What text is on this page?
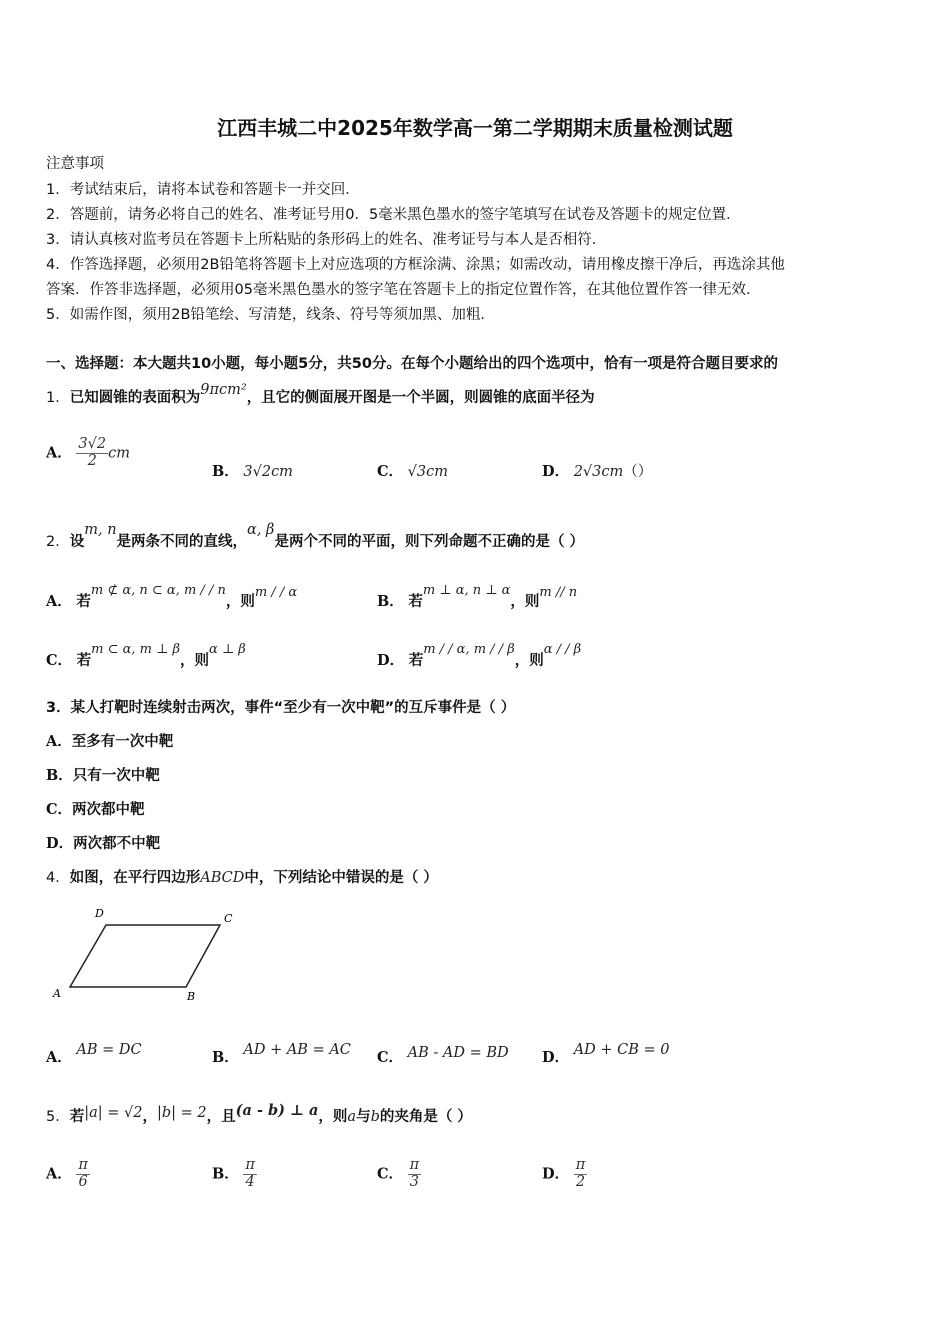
江西丰城二中2025年数学高一第二学期期末质量检测试题
注意事项
1．考试结束后，请将本试卷和答题卡一并交回．
2．答题前，请务必将自己的姓名、准考证号用0．5毫米黑色墨水的签字笔填写在试卷及答题卡的规定位置．
3．请认真核对监考员在答题卡上所粘贴的条形码上的姓名、准考证号与本人是否相符．
4．作答选择题，必须用2B铅笔将答题卡上对应选项的方框涂满、涂黑；如需改动，请用橡皮擦干净后，再选涂其他
答案．作答非选择题，必须用05毫米黑色墨水的签字笔在答题卡上的指定位置作答，在其他位置作答一律无效．
5．如需作图，须用2B铅笔绘、写清楚，线条、符号等须加黑、加粗．
一、选择题：本大题共10小题，每小题5分，共50分。在每个小题给出的四个选项中，恰有一项是符合题目要求的
1．已知圆锥的表面积为9πcm²，且它的侧面展开图是一个半圆，则圆锥的底面半径为
A． $\frac{3√2}{2}$ cm
B． 3√2cm	C． √3cm	D． 2√3cm（）
2．设m, n是两条不同的直线，α, β是两个不同的平面，则下列命题不正确的是（ ）
A． 若m ⊄ α, n ⊂ α, m / / n，则m / / α
B． 若m ⊥ α, n ⊥ α，则m // n
C． 若m ⊂ α, m ⊥ β，则α ⊥ β
D． 若m / / α, m / / β，则α / / β
3．某人打靶时连续射击两次，事件“至少有一次中靶”的互斥事件是（ ）
A．至多有一次中靶
B．只有一次中靶
C．两次都中靶
D．两次都不中靶
4．如图，在平行四边形ABCD中，下列结论中错误的是（ ）
A	B
C
D
A． AB = DC	B． AD + AB = AC C． AB - AD = BD D． AD + CB = 0
5．若|a| = √2，|b| = 2，且(a - b) ⊥ a，则a与b的夹角是（ ）
A． $\frac{\pi}{6}$	B． $\frac{\pi}{4}$	C． $\frac{\pi}{3}$	D． $\frac{\pi}{2}$
